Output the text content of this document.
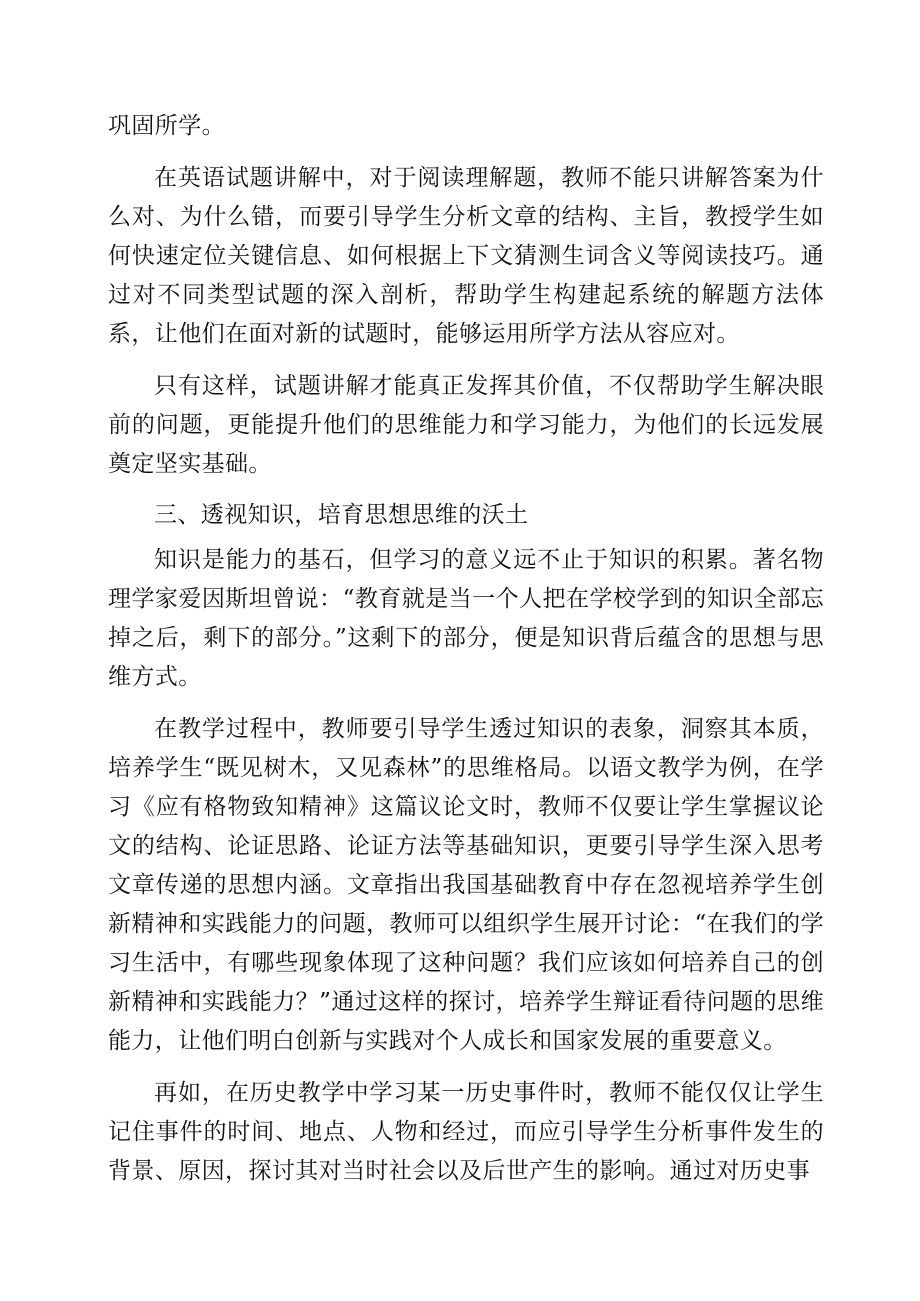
巩固所学。

在英语试题讲解中，对于阅读理解题，教师不能只讲解答案为什么对、为什么错，而要引导学生分析文章的结构、主旨，教授学生如何快速定位关键信息、如何根据上下文猜测生词含义等阅读技巧。通过对不同类型试题的深入剖析，帮助学生构建起系统的解题方法体系，让他们在面对新的试题时，能够运用所学方法从容应对。

只有这样，试题讲解才能真正发挥其价值，不仅帮助学生解决眼前的问题，更能提升他们的思维能力和学习能力，为他们的长远发展奠定坚实基础。

三、透视知识，培育思想思维的沃土

知识是能力的基石，但学习的意义远不止于知识的积累。著名物理学家爱因斯坦曾说：“教育就是当一个人把在学校学到的知识全部忘掉之后，剩下的部分。”这剩下的部分，便是知识背后蕴含的思想与思维方式。

在教学过程中，教师要引导学生透过知识的表象，洞察其本质，培养学生“既见树木，又见森林”的思维格局。以语文教学为例，在学习《应有格物致知精神》这篇议论文时，教师不仅要让学生掌握议论文的结构、论证思路、论证方法等基础知识，更要引导学生深入思考文章传递的思想内涵。文章指出我国基础教育中存在忽视培养学生创新精神和实践能力的问题，教师可以组织学生展开讨论：“在我们的学习生活中，有哪些现象体现了这种问题？我们应该如何培养自己的创新精神和实践能力？”通过这样的探讨，培养学生辩证看待问题的思维能力，让他们明白创新与实践对个人成长和国家发展的重要意义。

再如，在历史教学中学习某一历史事件时，教师不能仅仅让学生记住事件的时间、地点、人物和经过，而应引导学生分析事件发生的背景、原因，探讨其对当时社会以及后世产生的影响。通过对历史事
